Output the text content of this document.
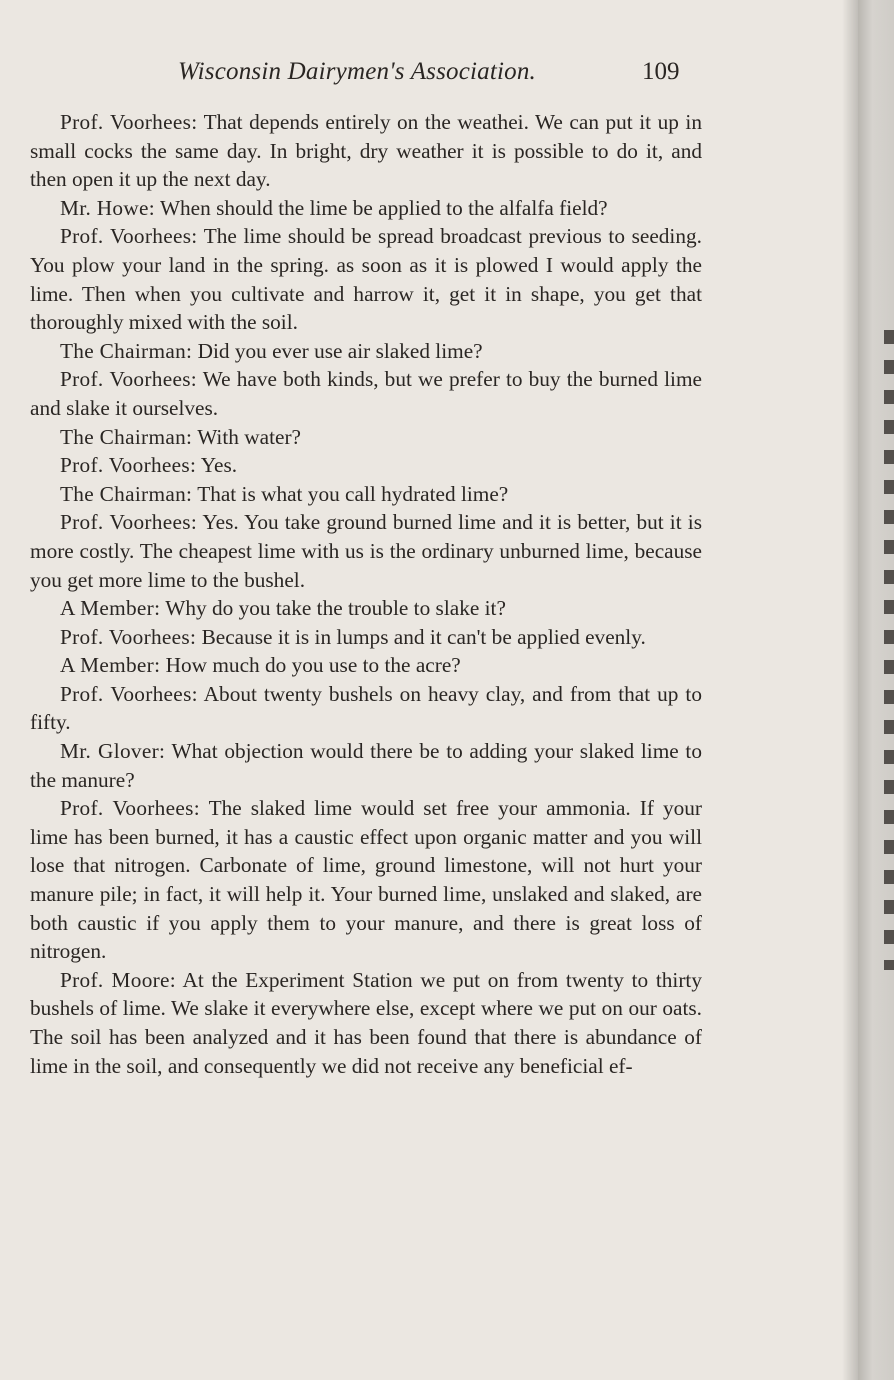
Wisconsin Dairymen's Association.	109

Prof. Voorhees: That depends entirely on the weathei. We can put it up in small cocks the same day. In bright, dry weather it is possible to do it, and then open it up the next day.

Mr. Howe: When should the lime be applied to the alfalfa field?

Prof. Voorhees: The lime should be spread broadcast previous to seeding. You plow your land in the spring. as soon as it is plowed I would apply the lime. Then when you cultivate and harrow it, get it in shape, you get that thoroughly mixed with the soil.

The Chairman: Did you ever use air slaked lime?

Prof. Voorhees: We have both kinds, but we prefer to buy the burned lime and slake it ourselves.

The Chairman: With water?

Prof. Voorhees: Yes.

The Chairman: That is what you call hydrated lime?

Prof. Voorhees: Yes. You take ground burned lime and it is better, but it is more costly. The cheapest lime with us is the ordinary unburned lime, because you get more lime to the bushel.

A Member: Why do you take the trouble to slake it?

Prof. Voorhees: Because it is in lumps and it can't be applied evenly.

A Member: How much do you use to the acre?

Prof. Voorhees: About twenty bushels on heavy clay, and from that up to fifty.

Mr. Glover: What objection would there be to adding your slaked lime to the manure?

Prof. Voorhees: The slaked lime would set free your ammonia. If your lime has been burned, it has a caustic effect upon organic matter and you will lose that nitrogen. Carbonate of lime, ground limestone, will not hurt your manure pile; in fact, it will help it. Your burned lime, unslaked and slaked, are both caustic if you apply them to your manure, and there is great loss of nitrogen.

Prof. Moore: At the Experiment Station we put on from twenty to thirty bushels of lime. We slake it everywhere else, except where we put on our oats. The soil has been analyzed and it has been found that there is abundance of lime in the soil, and consequently we did not receive any beneficial ef-
